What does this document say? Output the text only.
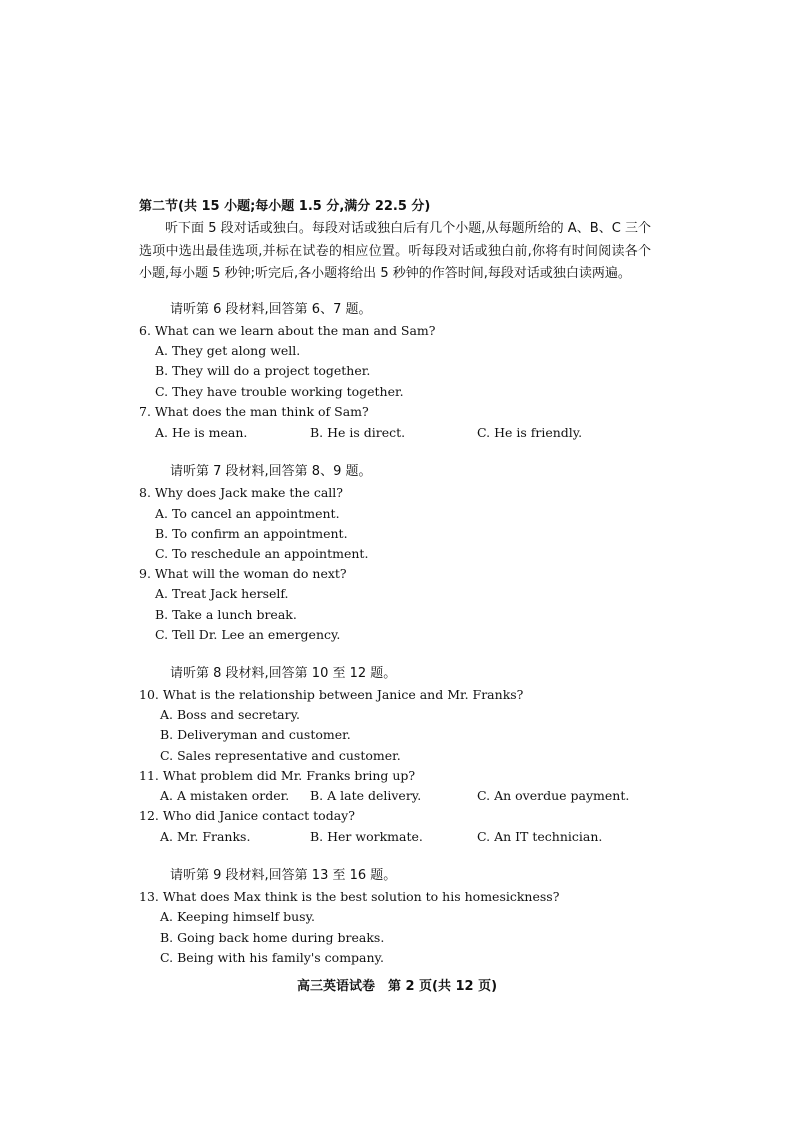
第二节(共 15 小题;每小题 1.5 分,满分 22.5 分)
听下面 5 段对话或独白。每段对话或独白后有几个小题,从每题所给的 A、B、C 三个选项中选出最佳选项,并标在试卷的相应位置。听每段对话或独白前,你将有时间阅读各个小题,每小题 5 秒钟;听完后,各小题将给出 5 秒钟的作答时间,每段对话或独白读两遍。
请听第 6 段材料,回答第 6、7 题。
6. What can we learn about the man and Sam?
A. They get along well.
B. They will do a project together.
C. They have trouble working together.
7. What does the man think of Sam?
A. He is mean.	B. He is direct.	C. He is friendly.
请听第 7 段材料,回答第 8、9 题。
8. Why does Jack make the call?
A. To cancel an appointment.
B. To confirm an appointment.
C. To reschedule an appointment.
9. What will the woman do next?
A. Treat Jack herself.
B. Take a lunch break.
C. Tell Dr. Lee an emergency.
请听第 8 段材料,回答第 10 至 12 题。
10. What is the relationship between Janice and Mr. Franks?
A. Boss and secretary.
B. Deliveryman and customer.
C. Sales representative and customer.
11. What problem did Mr. Franks bring up?
A. A mistaken order. B. A late delivery.	C. An overdue payment.
12. Who did Janice contact today?
A. Mr. Franks.	B. Her workmate.	C. An IT technician.
请听第 9 段材料,回答第 13 至 16 题。
13. What does Max think is the best solution to his homesickness?
A. Keeping himself busy.
B. Going back home during breaks.
C. Being with his family's company.
高三英语试卷　第 2 页(共 12 页)
